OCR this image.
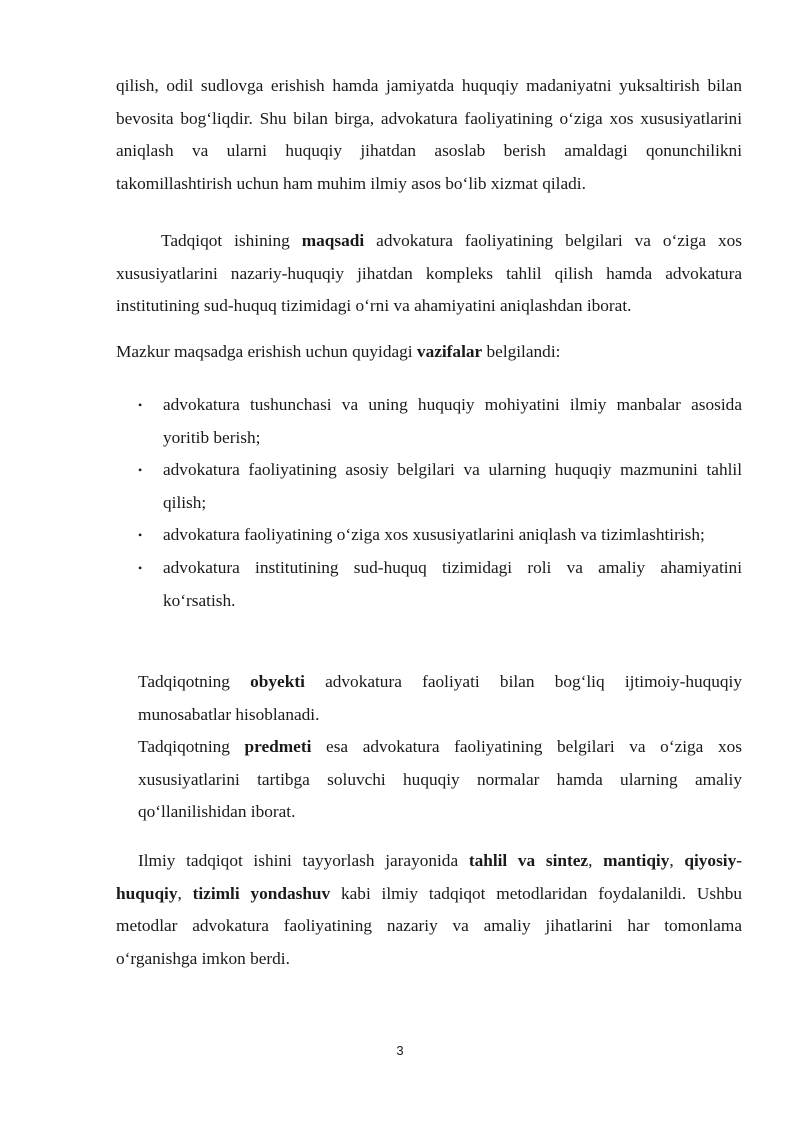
qilish, odil sudlovga erishish hamda jamiyatda huquqiy madaniyatni yuksaltirish bilan bevosita bog‘liqdir. Shu bilan birga, advokatura faoliyatining o‘ziga xos xususiyatlarini aniqlash va ularni huquqiy jihatdan asoslab berish amaldagi qonunchilikni takomillashtirish uchun ham muhim ilmiy asos bo‘lib xizmat qiladi.

Tadqiqot ishining maqsadi advokatura faoliyatining belgilari va o‘ziga xos xususiyatlarini nazariy-huquqiy jihatdan kompleks tahlil qilish hamda advokatura institutining sud-huquq tizimidagi o‘rni va ahamiyatini aniqlashdan iborat.

Mazkur maqsadga erishish uchun quyidagi vazifalar belgilandi:

• advokatura tushunchasi va uning huquqiy mohiyatini ilmiy manbalar asosida yoritib berish;
• advokatura faoliyatining asosiy belgilari va ularning huquqiy mazmunini tahlil qilish;
• advokatura faoliyatining o‘ziga xos xususiyatlarini aniqlash va tizimlashtirish;
• advokatura institutining sud-huquq tizimidagi roli va amaliy ahamiyatini ko‘rsatish.

Tadqiqotning obyekti advokatura faoliyati bilan bog‘liq ijtimoiy-huquqiy munosabatlar hisoblanadi.

Tadqiqotning predmeti esa advokatura faoliyatining belgilari va o‘ziga xos xususiyatlarini tartibga soluvchi huquqiy normalar hamda ularning amaliy qo‘llanilishidan iborat.

Ilmiy tadqiqot ishini tayyorlash jarayonida tahlil va sintez, mantiqiy, qiyosiy-huquqiy, tizimli yondashuv kabi ilmiy tadqiqot metodlaridan foydalanildi. Ushbu metodlar advokatura faoliyatining nazariy va amaliy jihatlarini har tomonlama o‘rganishga imkon berdi.

3
